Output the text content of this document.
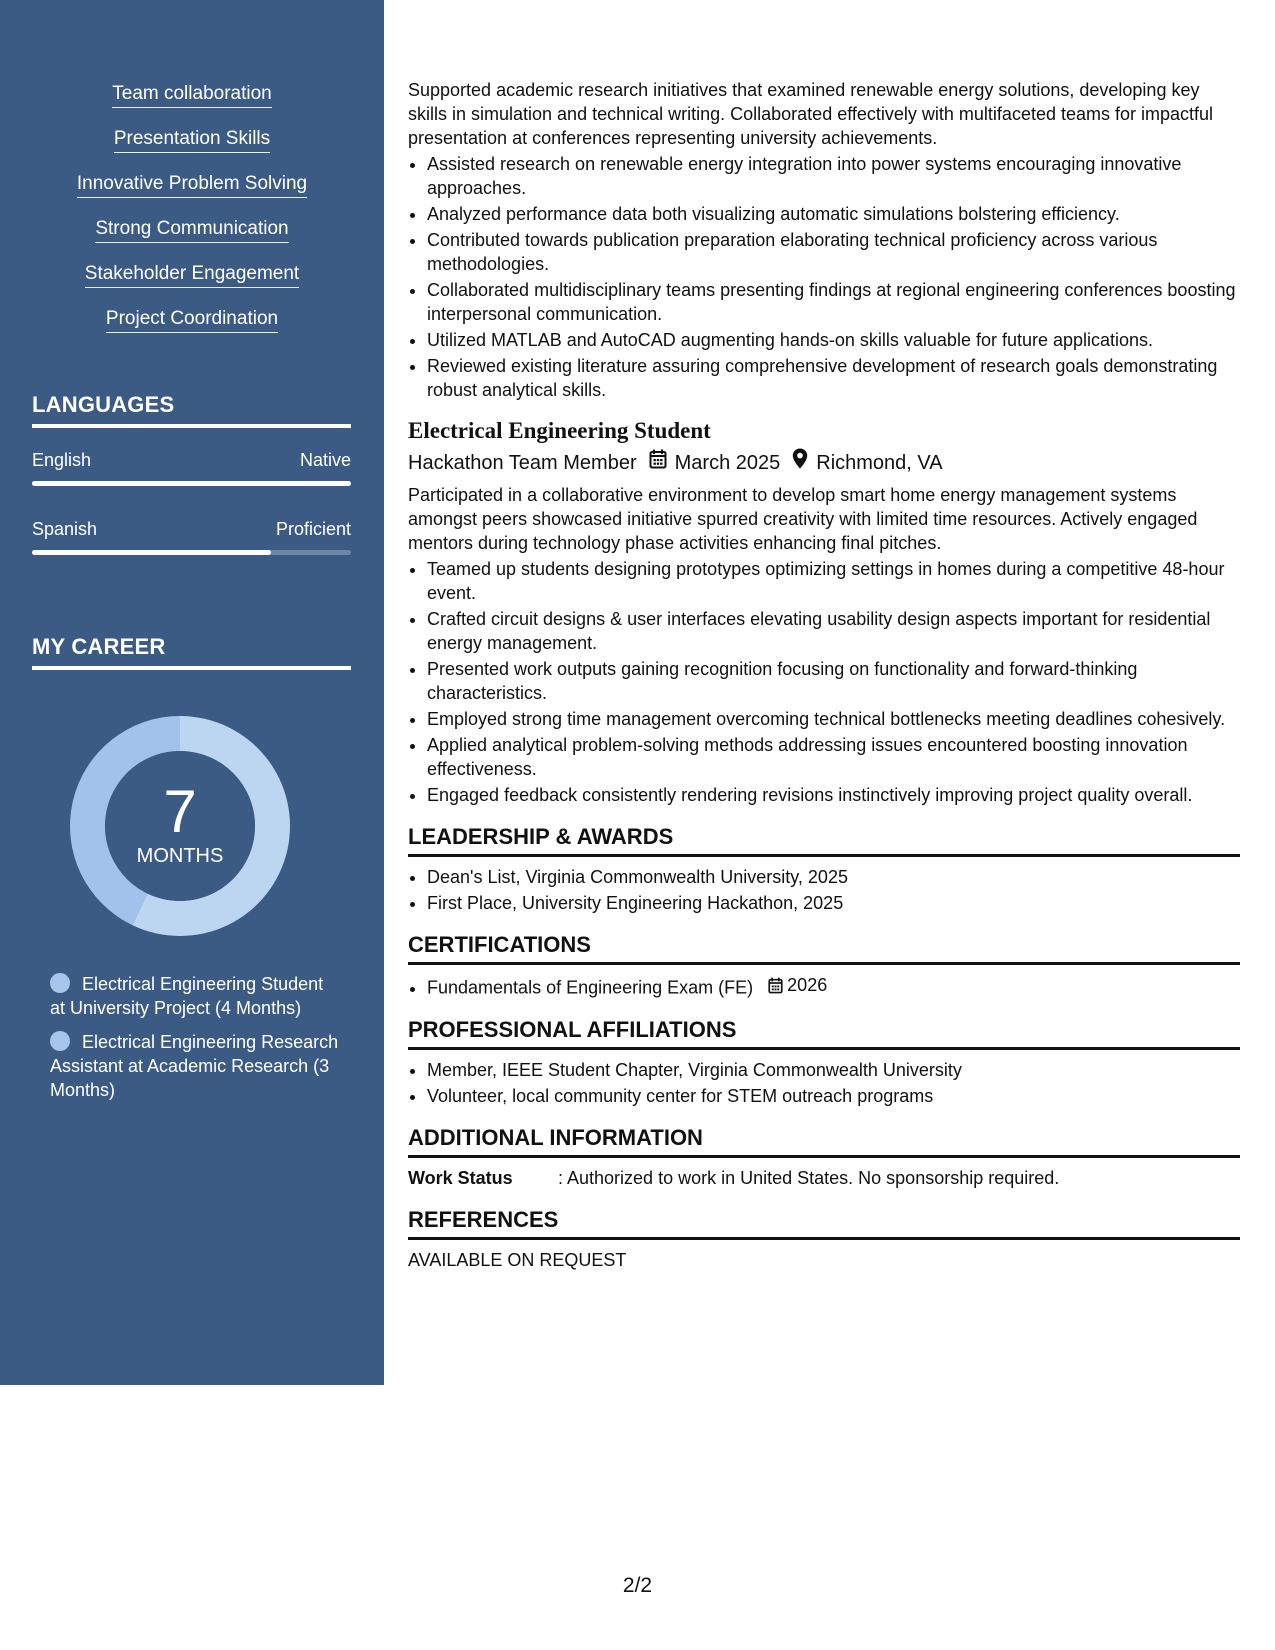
Team collaboration
Presentation Skills
Innovative Problem Solving
Strong Communication
Stakeholder Engagement
Project Coordination
LANGUAGES
English	Native
Spanish	Proficient
MY CAREER
7
MONTHS
Electrical Engineering Student at University Project (4 Months)
Electrical Engineering Research Assistant at Academic Research (3 Months)

Supported academic research initiatives that examined renewable energy solutions, developing key skills in simulation and technical writing. Collaborated effectively with multifaceted teams for impactful presentation at conferences representing university achievements.

• Assisted research on renewable energy integration into power systems encouraging innovative approaches.
• Analyzed performance data both visualizing automatic simulations bolstering efficiency.
• Contributed towards publication preparation elaborating technical proficiency across various methodologies.
• Collaborated multidisciplinary teams presenting findings at regional engineering conferences boosting interpersonal communication.
• Utilized MATLAB and AutoCAD augmenting hands-on skills valuable for future applications.
• Reviewed existing literature assuring comprehensive development of research goals demonstrating robust analytical skills.
Electrical Engineering Student
Hackathon Team Member March 2025 Richmond, VA

Participated in a collaborative environment to develop smart home energy management systems amongst peers showcased initiative spurred creativity with limited time resources. Actively engaged mentors during technology phase activities enhancing final pitches.

• Teamed up students designing prototypes optimizing settings in homes during a competitive 48-hour event.
• Crafted circuit designs & user interfaces elevating usability design aspects important for residential energy management.
• Presented work outputs gaining recognition focusing on functionality and forward-thinking characteristics.
• Employed strong time management overcoming technical bottlenecks meeting deadlines cohesively.
• Applied analytical problem-solving methods addressing issues encountered boosting innovation effectiveness.
• Engaged feedback consistently rendering revisions instinctively improving project quality overall.
LEADERSHIP & AWARDS
• Dean's List, Virginia Commonwealth University, 2025
• First Place, University Engineering Hackathon, 2025
CERTIFICATIONS
• Fundamentals of Engineering Exam (FE) 2026
PROFESSIONAL AFFILIATIONS
• Member, IEEE Student Chapter, Virginia Commonwealth University
• Volunteer, local community center for STEM outreach programs
ADDITIONAL INFORMATION
Work Status	: Authorized to work in United States. No sponsorship required.
REFERENCES

AVAILABLE ON REQUEST

2/2
